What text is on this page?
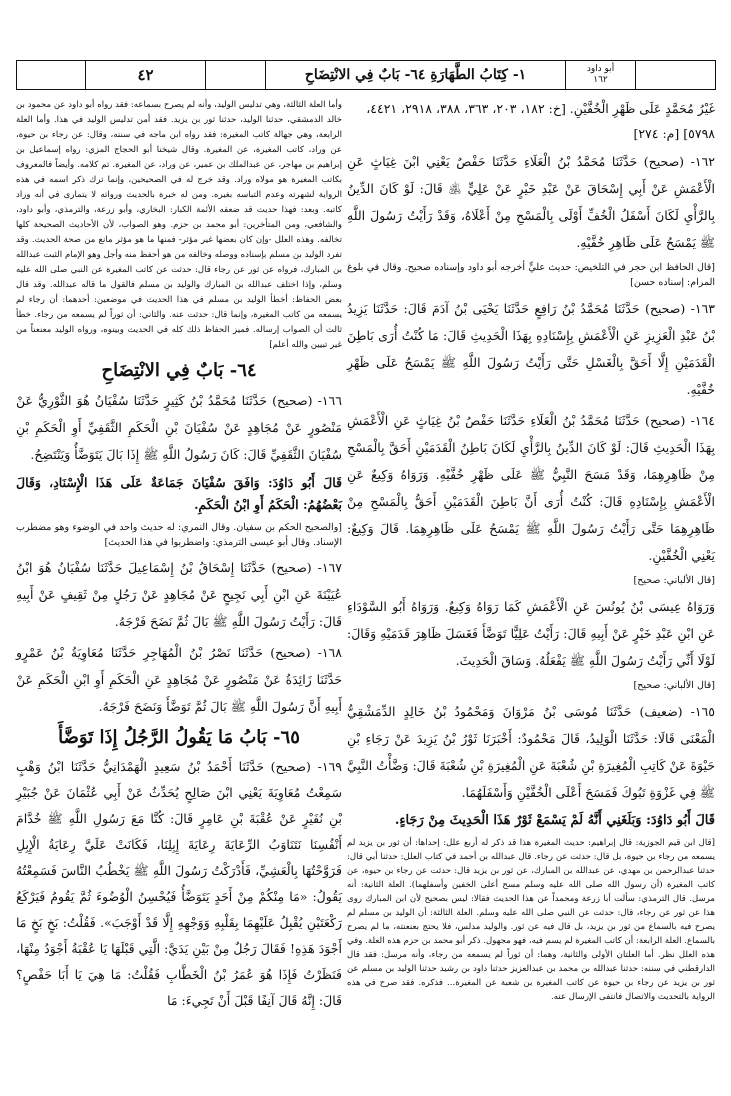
أبو داود
١٦٢
١- كِتَابُ الطَّهَارَةِ ٦٤- بَابٌ فِي الانْتِضَاحِ
٤٢

غَيْرُ مُحَمَّدٍ عَلَى ظَهْرِ الْخُفَّيْنِ. [خ: ١٨٢، ٢٠٣، ٣٦٣، ٣٨٨، ٢٩١٨، ٤٤٢١،

٥٧٩٨] [م: ٢٧٤]

١٦٢- (صحيح) حَدَّثَنَا مُحَمَّدُ بْنُ الْعَلَاءِ حَدَّثَنَا حَفْصٌ يَعْنِي ابْنَ غِيَاثٍ عَنِ الْأَعْمَشِ عَنْ أَبِي إِسْحَاقَ عَنْ عَبْدِ خَيْرٍ عَنْ عَلِيٍّ ﵁ قَالَ: لَوْ كَانَ الدِّينُ بِالرَّأْيِ لَكَانَ أَسْفَلُ الْخُفِّ أَوْلَى بِالْمَسْحِ مِنْ أَعْلَاهُ، وَقَدْ رَأَيْتُ رَسُولَ اللَّهِ ﷺ يَمْسَحُ عَلَى ظَاهِرِ خُفَّيْهِ.

[قال الحافظ ابن حجر في التلخيص: حديث عليٍّ أخرجه أبو داود وإسناده صحيح. وقال في بلوغ المرام: إسناده حسن]

١٦٣- (صحيح) حَدَّثَنَا مُحَمَّدُ بْنُ رَافِعٍ حَدَّثَنَا يَحْيَى بْنُ آدَمَ قَالَ: حَدَّثَنَا يَزِيدُ بْنُ عَبْدِ الْعَزِيزِ عَنِ الْأَعْمَشِ بِإِسْنَادِهِ بِهَذَا الْحَدِيثِ قَالَ: مَا كُنْتُ أُرَى بَاطِنَ الْقَدَمَيْنِ إِلَّا أَحَقَّ بِالْغَسْلِ حَتَّى رَأَيْتُ رَسُولَ اللَّهِ ﷺ يَمْسَحُ عَلَى ظَهْرِ خُفَّيْهِ.

١٦٤- (صحيح) حَدَّثَنَا مُحَمَّدُ بْنُ الْعَلَاءِ حَدَّثَنَا حَفْصُ بْنُ غِيَاثٍ عَنِ الْأَعْمَشِ بِهَذَا الْحَدِيثِ قَالَ: لَوْ كَانَ الدِّينُ بِالرَّأْيِ لَكَانَ بَاطِنُ الْقَدَمَيْنِ أَحَقَّ بِالْمَسْحِ مِنْ ظَاهِرِهِمَا، وَقَدْ مَسَحَ النَّبِيُّ ﷺ عَلَى ظَهْرِ خُفَّيْهِ. وَرَوَاهُ وَكِيعٌ عَنِ الْأَعْمَشِ بِإِسْنَادِهِ قَالَ: كُنْتُ أُرَى أَنَّ بَاطِنَ الْقَدَمَيْنِ أَحَقُّ بِالْمَسْحِ مِنْ ظَاهِرِهِمَا حَتَّى رَأَيْتُ رَسُولَ اللَّهِ ﷺ يَمْسَحُ عَلَى ظَاهِرِهِمَا. قَالَ وَكِيعٌ: يَعْنِي الْخُفَّيْنِ.

[قال الألباني: صحيح]

وَرَوَاهُ عِيسَى بْنُ يُونُسَ عَنِ الْأَعْمَشِ كَمَا رَوَاهُ وَكِيعٌ. وَرَوَاهُ أَبُو السَّوْدَاءِ عَنِ ابْنِ عَبْدِ خَيْرٍ عَنْ أَبِيهِ قَالَ: رَأَيْتُ عَلِيًّا تَوَضَّأَ فَغَسَلَ ظَاهِرَ قَدَمَيْهِ وَقَالَ: لَوْلَا أَنِّي رَأَيْتُ رَسُولَ اللَّهِ ﷺ يَفْعَلُهُ. وَسَاقَ الْحَدِيثَ.

[قال الألباني: صحيح]

١٦٥- (ضعيف) حَدَّثَنَا مُوسَى بْنُ مَرْوَانَ وَمَحْمُودُ بْنُ خَالِدٍ الدِّمَشْقِيُّ الْمَعْنَى قَالَا: حَدَّثَنَا الْوَلِيدُ، قَالَ مَحْمُودٌ: أَخْبَرَنَا ثَوْرُ بْنُ يَزِيدَ عَنْ رَجَاءِ بْنِ حَيْوَةَ عَنْ كَاتِبِ الْمُغِيرَةِ بْنِ شُعْبَةَ عَنِ الْمُغِيرَةِ بْنِ شُعْبَةَ قَالَ: وَضَّأْتُ النَّبِيَّ ﷺ فِي غَزْوَةِ تَبُوكَ فَمَسَحَ أَعْلَى الْخُفَّيْنِ وَأَسْفَلَهُمَا.

قَالَ أَبُو دَاوُدَ: وَبَلَغَنِي أَنَّهُ لَمْ يَسْمَعْ ثَوْرٌ هَذَا الْحَدِيثَ مِنْ رَجَاءٍ.

[قال ابن قيم الجوزية: قال إبراهيم: حديث المغيرة هذا قد ذكر له أربع علل: إحداها: أن ثور بن يزيد لم يسمعه من رجاء بن حيوة، بل قال: حدثت عن رجاء. قال عبدالله بن أحمد في كتاب العلل: حدثنا أبي قال: حدثنا عبدالرحمن بن مهدي، عن عبدالله بن المبارك، عن ثور بن يزيد قال: حدثت عن رجاء بن حيوة، عن كاتب المغيرة (أن رسول الله صلى الله عليه وسلم مسح أعلى الخفين وأسفلهما). العلة الثانية: أنه مرسل. قال الترمذي: سألت أبا زرعة ومحمداً عن هذا الحديث فقالا: ليس بصحيح لأن ابن المبارك روى هذا عن ثور عن رجاء، قال: حدثت عن النبي صلى الله عليه وسلم. العلة الثالثة: أن الوليد بن مسلم لم يصرح فيه بالسماع من ثور بن يزيد، بل قال فيه عن ثور. والوليد مدلس، فلا يحتج بعنعنته، ما لم يصرح بالسماع. العلة الرابعة: أن كاتب المغيرة لم يسم فيه، فهو مجهول. ذكر أبو محمد بن حزم هذه العلة. وفي هذه العلل نظر. أما العلتان الأولى والثانية، وهما: أن ثوراً لم يسمعه من رجاء، وأنه مرسل: فقد قال الدارقطني في سننه: حدثنا عبدالله بن محمد بن عبدالعزيز حدثنا داود بن رشيد حدثنا الوليد بن مسلم عن ثور بن يزيد عن رجاء بن حيوة عن كاتب المغيرة بن شعبة عن المغيرة... فذكره. فقد صرح في هذه الرواية بالتحديث والاتصال فانتفى الإرسال عنه.

وأما العلة الثالثة، وهي تدليس الوليد، وأنه لم يصرح بسماعه: فقد رواه أبو داود عن محمود بن خالد الدمشقي، حدثنا الوليد، حدثنا ثور بن يزيد. فقد أمن تدليس الوليد في هذا. وأما العلة الرابعة، وهي جهالة كاتب المغيرة: فقد رواه ابن ماجه في سننه، وقال: عن رجاء بن حيوة، عن وراد، كاتب المغيرة، عن المغيرة. وقال شيخنا أبو الحجاج المزي: رواه إسماعيل بن إبراهيم بن مهاجر، عن عبدالملك بن عمير، عن وراد، عن المغيرة. تم كلامه. وأيضاً فالمعروف بكاتب المغيرة هو مولاه وراد. وقد خرج له في الصحيحين، وإنما ترك ذكر اسمه في هذه الرواية لشهرته وعدم التباسه بغيره. ومن له خبرة بالحديث ورواته لا يتمارى في أنه وراد كاتبه. وبعد: فهذا حديث قد ضعفه الأئمة الكبار: البخاري، وأبو زرعة، والترمذي، وأبو داود، والشافعي، ومن المتأخرين: أبو محمد بن حزم. وهو الصواب، لأن الأحاديث الصحيحة كلها تخالفه. وهذه العلل -وإن كان بعضها غير مؤثر- فمنها ما هو مؤثر مانع من صحة الحديث. وقد تفرد الوليد بن مسلم بإسناده ووصله وخالفه من هو أحفظ منه وأجل وهو الإمام الثبت عبدالله بن المبارك، فرواه عن ثور عن رجاء قال: حدثت عن كاتب المغيرة عن النبي صلى الله عليه وسلم، وإذا اختلف عبدالله بن المبارك والوليد بن مسلم فالقول ما قاله عبدالله. وقد قال بعض الحفاظ: أخطأ الوليد بن مسلم في هذا الحديث في موضعين: أحدهما: أن رجاء لم يسمعه من كاتب المغيرة، وإنما قال: حدثت عنه. والثاني: أن ثوراً لم يسمعه من رجاء. خطأ ثالث أن الصواب إرساله. فميز الحفاظ ذلك كله في الحديث وبينوه، ورواه الوليد معنعناً من غير تبيين والله أعلم]

٦٤- بَابٌ فِي الانْتِضَاحِ

١٦٦- (صحيح) حَدَّثَنَا مُحَمَّدُ بْنُ كَثِيرٍ حَدَّثَنَا سُفْيَانُ هُوَ الثَّوْرِيُّ عَنْ مَنْصُورٍ عَنْ مُجَاهِدٍ عَنْ سُفْيَانَ بْنِ الْحَكَمِ الثَّقَفِيِّ أَوِ الْحَكَمِ بْنِ سُفْيَانَ الثَّقَفِيِّ قَالَ: كَانَ رَسُولُ اللَّهِ ﷺ إِذَا بَالَ يَتَوَضَّأُ وَيَنْتَضِحُ.

قَالَ أَبُو دَاوُدَ: وَافَقَ سُفْيَانَ جَمَاعَةٌ عَلَى هَذَا الْإِسْنَادِ، وَقَالَ بَعْضُهُمُ: الْحَكَمُ أَوِ ابْنُ الْحَكَمِ.

[والصحيح الحكم بن سفيان. وقال النمري: له حديث واحد في الوضوء وهو مضطرب الإسناد. وقال أبو عيسى الترمذي: واضطربوا في هذا الحديث]

١٦٧- (صحيح) حَدَّثَنَا إِسْحَاقُ بْنُ إِسْمَاعِيلَ حَدَّثَنَا سُفْيَانُ هُوَ ابْنُ عُيَيْنَةَ عَنِ ابْنِ أَبِي نَجِيحٍ عَنْ مُجَاهِدٍ عَنْ رَجُلٍ مِنْ ثَقِيفٍ عَنْ أَبِيهِ قَالَ: رَأَيْتُ رَسُولَ اللَّهِ ﷺ بَالَ ثُمَّ نَضَحَ فَرْجَهُ.

١٦٨- (صحيح) حَدَّثَنَا نَصْرُ بْنُ الْمُهَاجِرِ حَدَّثَنَا مُعَاوِيَةُ بْنُ عَمْرٍو حَدَّثَنَا زَائِدَةُ عَنْ مَنْصُورٍ عَنْ مُجَاهِدٍ عَنِ الْحَكَمِ أَوِ ابْنِ الْحَكَمِ عَنْ أَبِيهِ أَنَّ رَسُولَ اللَّهِ ﷺ بَالَ ثُمَّ تَوَضَّأَ وَنَضَحَ فَرْجَهُ.

٦٥- بَابُ مَا يَقُولُ الرَّجُلُ إِذَا تَوَضَّأَ

١٦٩- (صحيح) حَدَّثَنَا أَحْمَدُ بْنُ سَعِيدٍ الْهَمْدَانِيُّ حَدَّثَنَا ابْنُ وَهْبٍ سَمِعْتُ مُعَاوِيَةَ يَعْنِي ابْنَ صَالِحٍ يُحَدِّثُ عَنْ أَبِي عُثْمَانَ عَنْ جُبَيْرِ بْنِ نُفَيْرٍ عَنْ عُقْبَةَ بْنِ عَامِرٍ قَالَ: كُنَّا مَعَ رَسُولِ اللَّهِ ﷺ خُدَّامَ أَنْفُسِنَا نَتَنَاوَبُ الرِّعَايَةَ رِعَايَةَ إِبِلِنَا، فَكَانَتْ عَلَيَّ رِعَايَةُ الْإِبِلِ فَرَوَّحْتُهَا بِالْعَشِيِّ، فَأَدْرَكْتُ رَسُولَ اللَّهِ ﷺ يَخْطُبُ النَّاسَ فَسَمِعْتُهُ يَقُولُ: «مَا مِنْكُمْ مِنْ أَحَدٍ يَتَوَضَّأُ فَيُحْسِنُ الْوُضُوءَ ثُمَّ يَقُومُ فَيَرْكَعُ رَكْعَتَيْنِ يُقْبِلُ عَلَيْهِمَا بِقَلْبِهِ وَوَجْهِهِ إِلَّا قَدْ أَوْجَبَ». فَقُلْتُ: بَخٍ بَخٍ مَا أَجْوَدَ هَذِهِ! فَقَالَ رَجُلٌ مِنْ بَيْنِ يَدَيَّ: الَّتِي قَبْلَهَا يَا عُقْبَةُ أَجْوَدُ مِنْهَا، فَنَظَرْتُ فَإِذَا هُوَ عُمَرُ بْنُ الْخَطَّابِ فَقُلْتُ: مَا هِيَ يَا أَبَا حَفْصٍ؟ قَالَ: إِنَّهُ قَالَ آنِفًا قَبْلَ أَنْ تَجِيءَ: مَا
